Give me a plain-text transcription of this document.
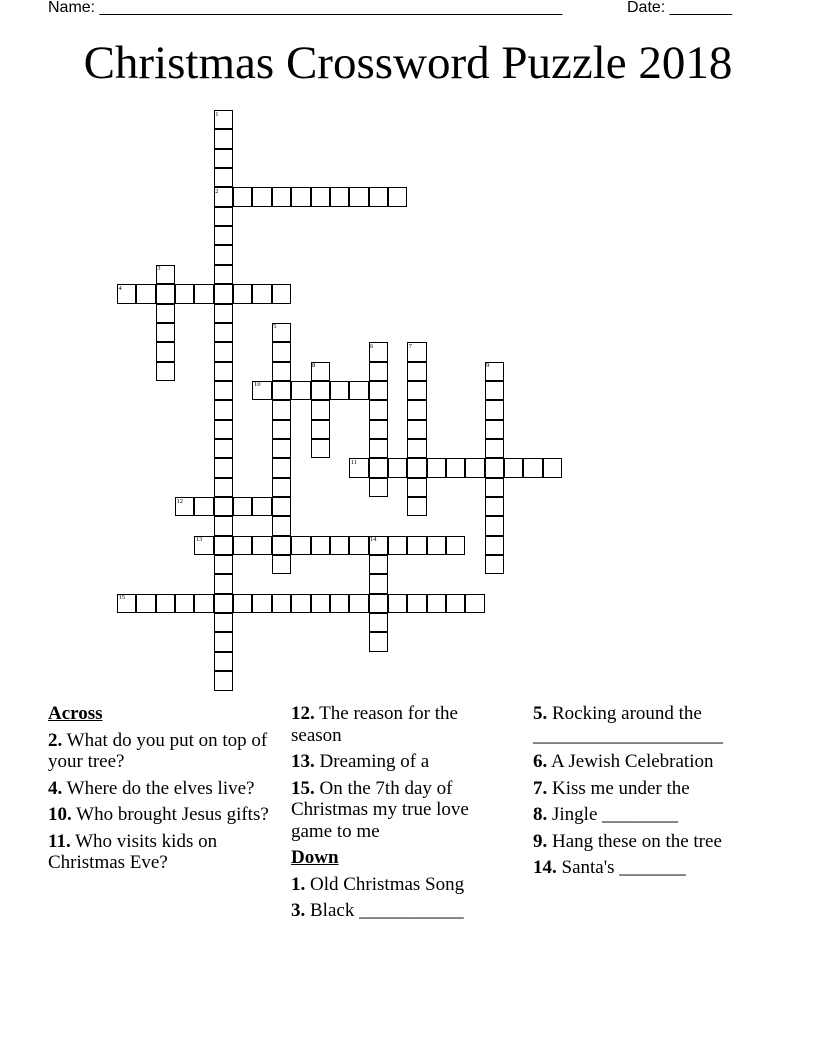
Name: ____________________________________________________	Date: _______
Christmas Crossword Puzzle 2018
1
2
3
4
5
6	7
8	9
10
11
12
13	14
15
Across
2. What do you put on top of your tree?
4. Where do the elves live?
10. Who brought Jesus gifts?
11. Who visits kids on Christmas Eve?
12. The reason for the season
13. Dreaming of a
15. On the 7th day of Christmas my true love game to me
Down
1. Old Christmas Song
3. Black ___________
5. Rocking around the ____________________
6. A Jewish Celebration
7. Kiss me under the
8. Jingle ________
9. Hang these on the tree
14. Santa's _______
